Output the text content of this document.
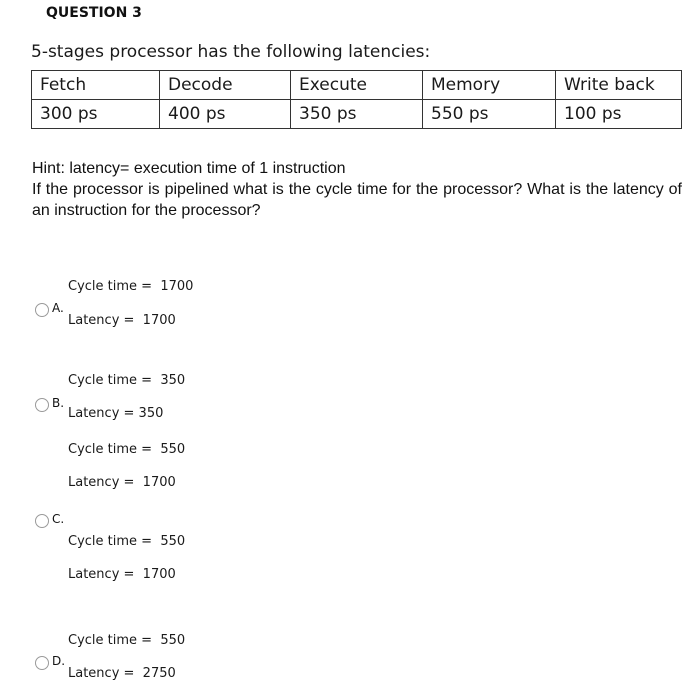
QUESTION 3
5-stages processor has the following latencies:
Fetch	Decode	Execute	Memory	Write back
300 ps	400 ps	350 ps	550 ps	100 ps
Hint: latency= execution time of 1 instruction
If the processor is pipelined what is the cycle time for the processor? What is the latency of an instruction for the processor?
Cycle time =  1700
A.
Latency =  1700
Cycle time =  350
B.
Latency = 350
Cycle time =  550
Latency =  1700
C.
Cycle time =  550
Latency =  1700
Cycle time =  550
D.
Latency =  2750
